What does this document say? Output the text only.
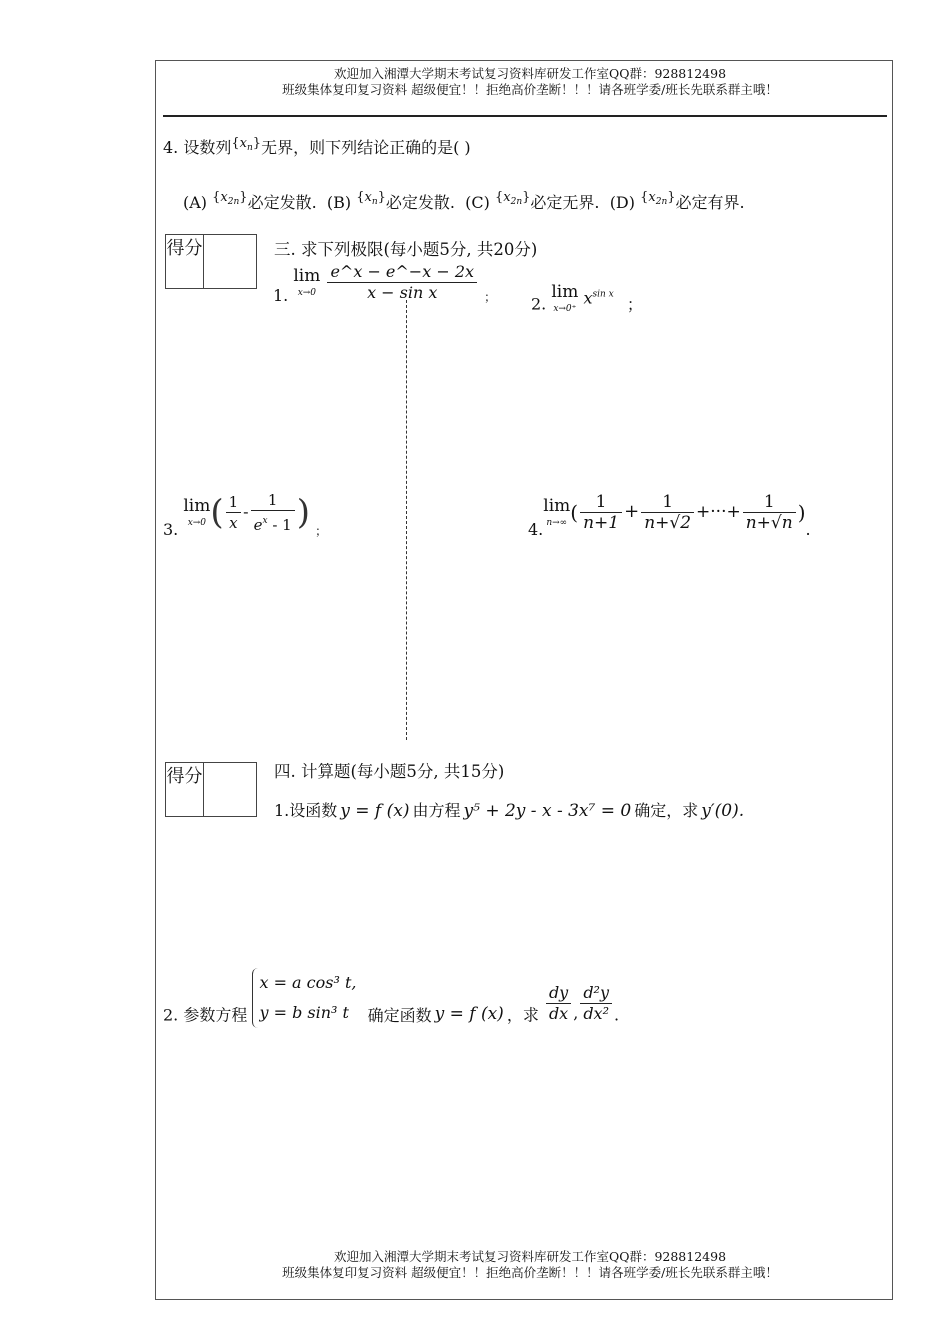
欢迎加入湘潭大学期末考试复习资料库研发工作室QQ群：928812498
班级集体复印复习资料 超级便宜！！拒绝高价垄断！！！请各班学委/班长先联系群主哦！
4. 设数列$^{\{x_n\}}$无界，则下列结论正确的是( )
(A) $^{\{x_{2n}\}}$必定发散. (B) $^{\{x_n\}}$必定发散. (C) $^{\{x_{2n}\}}$必定无界. (D) $^{\{x_{2n}\}}$必定有界.
得分	三. 求下列极限(每小题5分, 共20分)
1.
lim
x→0
$\frac{e\^{}x - e\^{}-x - 2x}{\text{x − sin x}} _;$ 2.
lim
x→0⁺
$x^{sin x}$ ；
3.
lim
x→0 ( $\frac{1}{x} - \frac{1}{e^x - 1}$ ) $_;$	4.
lim
n→∞ ( $\frac{1}{n+1} + \frac{1}{n+√2}$ +···+ $\frac{1}{n+√n}$ ).
得分	四. 计算题(每小题5分, 共15分)
1.设函数 y = f (x) 由方程 y⁵ + 2y - x - 3x⁷ = 0 确定，求 y′(0).
2. 参数方程
x = a cos³ t,
y = b sin³ t	确定函数 y = f (x) ，求 $\frac{dy}{dx}$ , $\frac{\text{d²y}}{\text{dx²}}$ .
欢迎加入湘潭大学期末考试复习资料库研发工作室QQ群：928812498
班级集体复印复习资料 超级便宜！！拒绝高价垄断！！！请各班学委/班长先联系群主哦！
